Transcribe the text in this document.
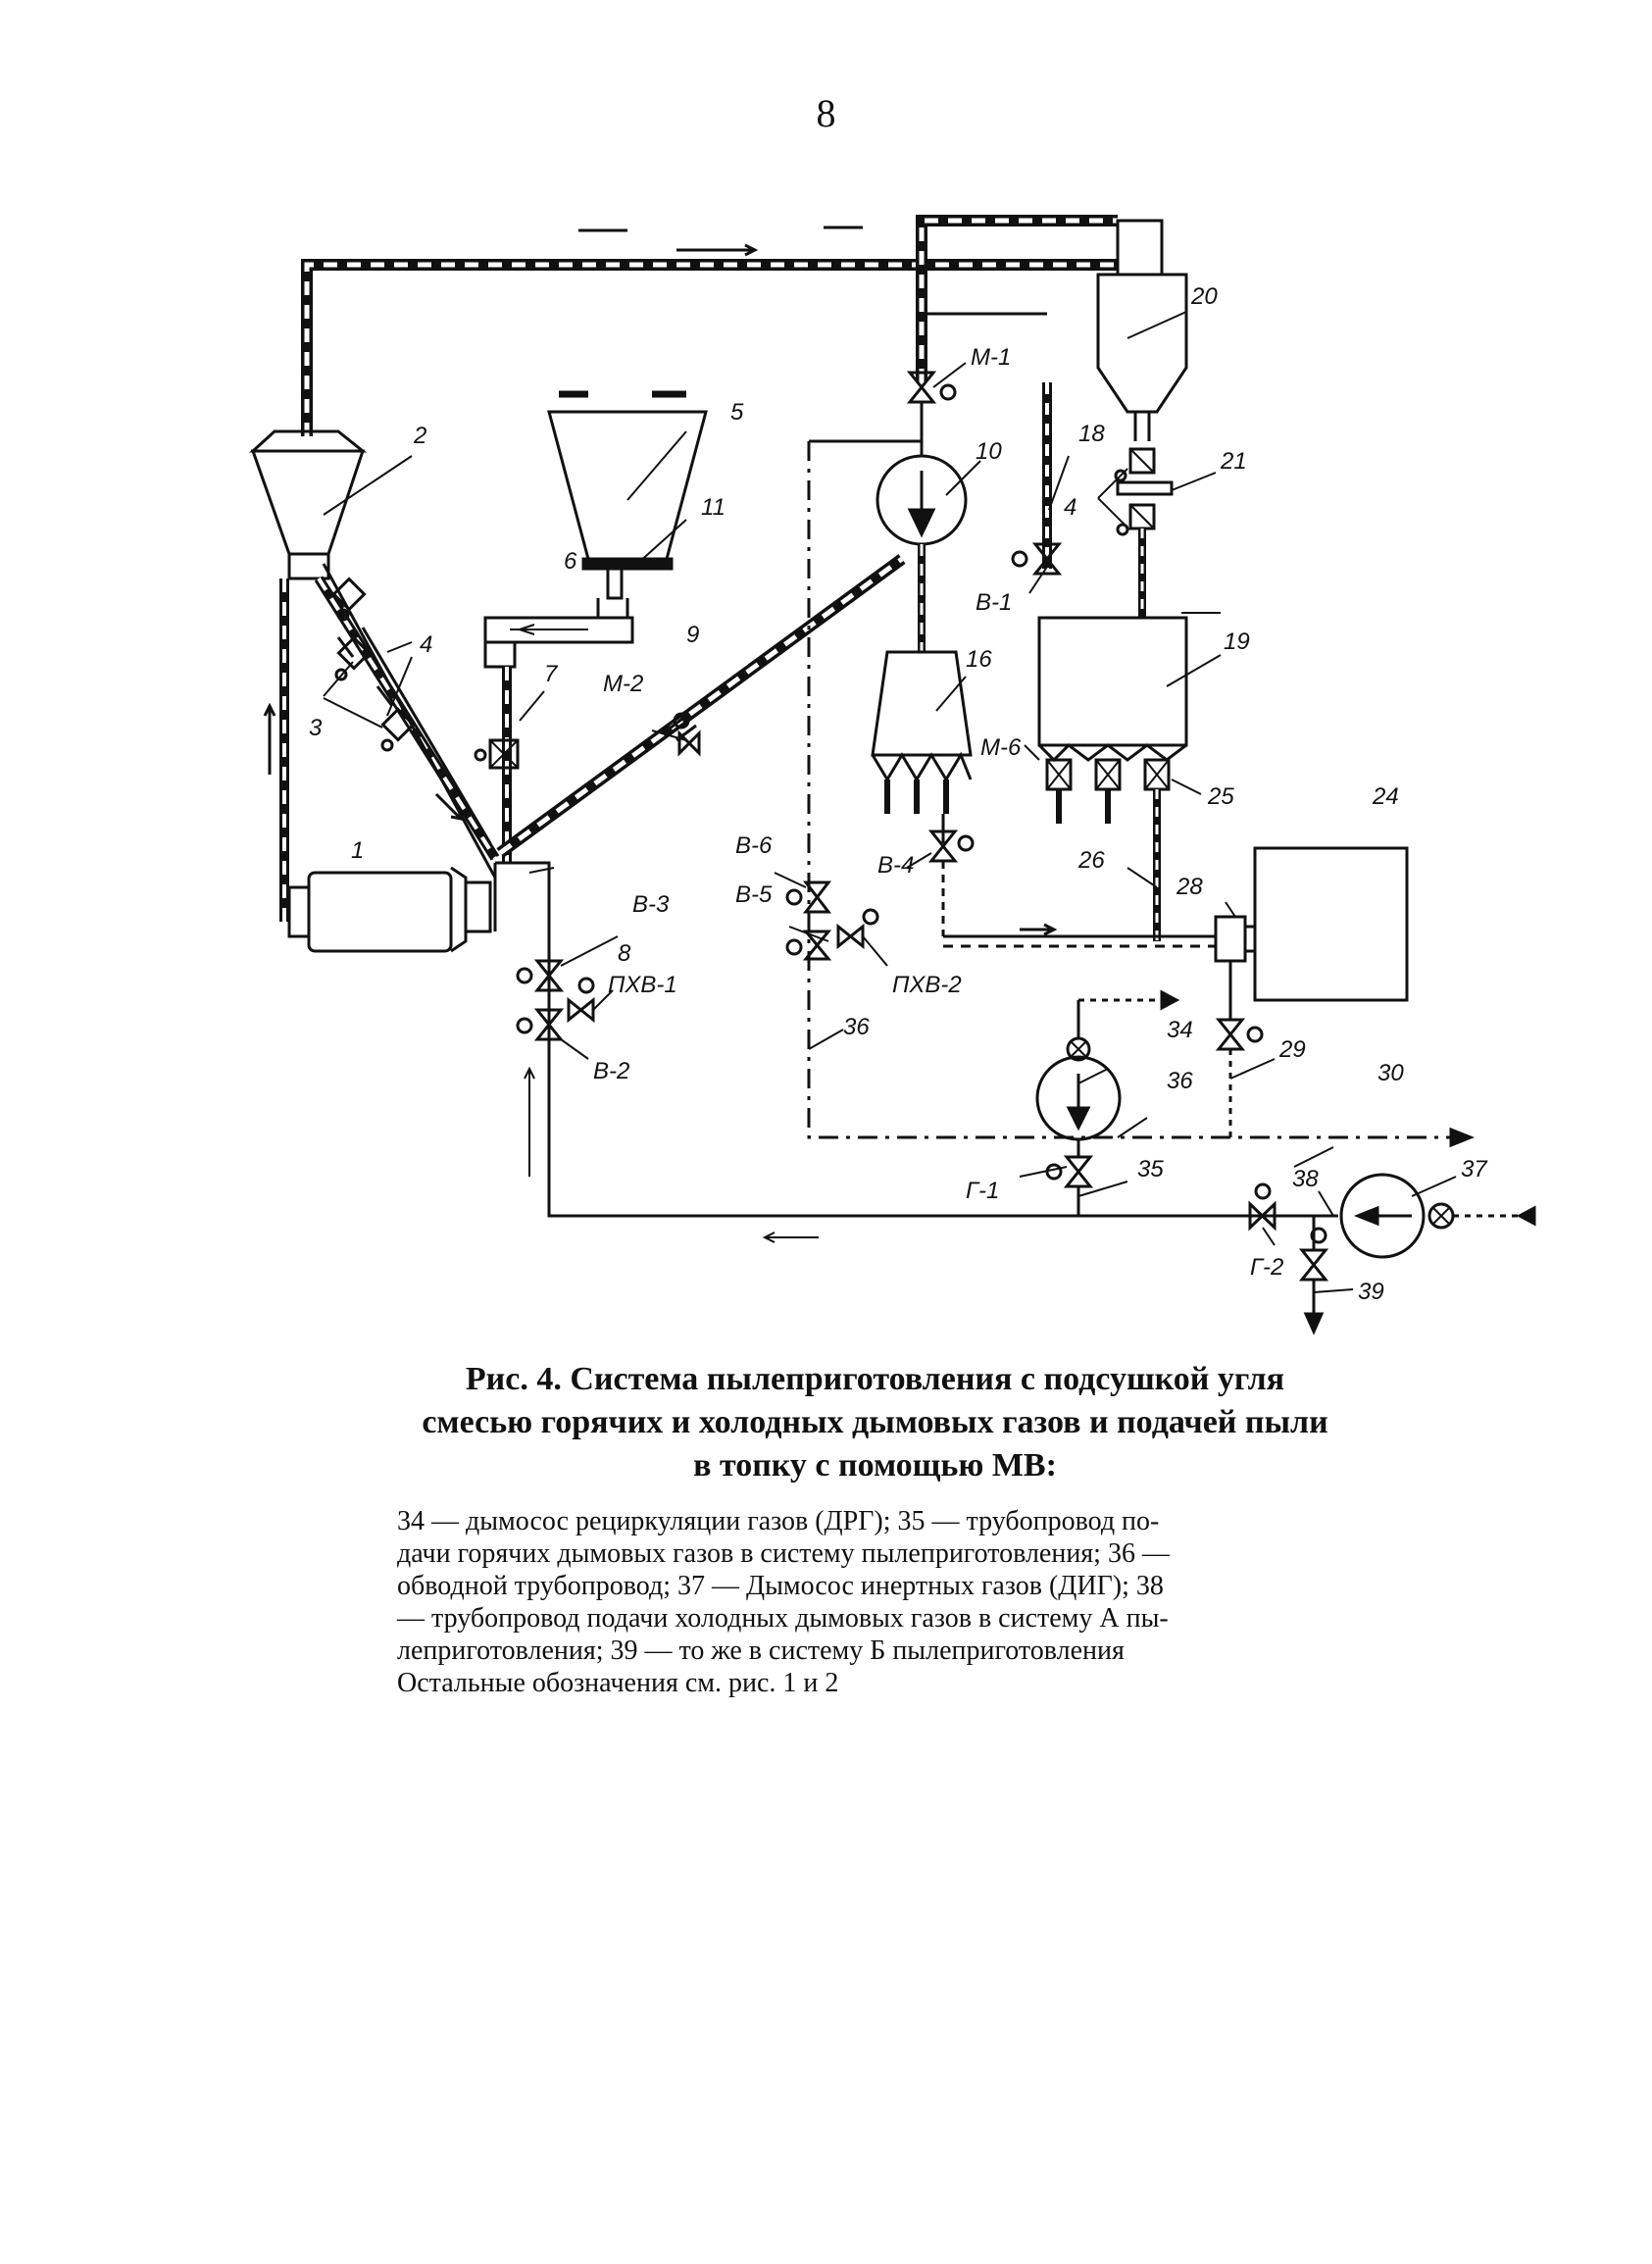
8
2
5
11
6
4
3
1
7 М-2
9
10
М-1
18
В-1
20
21
4
19
16
М-6
25	24
В-6
В-4	26
28
В-5
В-3
8
ПХВ-1	ПХВ-2
34
29
36
36	30
В-2
35
Г-1	38	37
Г-2
39
Рис. 4. Система пылеприготовления с подсушкой угля
смесью горячих и холодных дымовых газов и подачей пыли
в топку с помощью МВ:
34 — дымосос рециркуляции газов (ДРГ); 35 — трубопровод по-
дачи горячих дымовых газов в систему пылеприготовления; 36 —
обводной трубопровод; 37 — Дымосос инертных газов (ДИГ); 38
— трубопровод подачи холодных дымовых газов в систему А пы-
леприготовления; 39 — то же в систему Б пылеприготовления
Остальные обозначения см. рис. 1 и 2
